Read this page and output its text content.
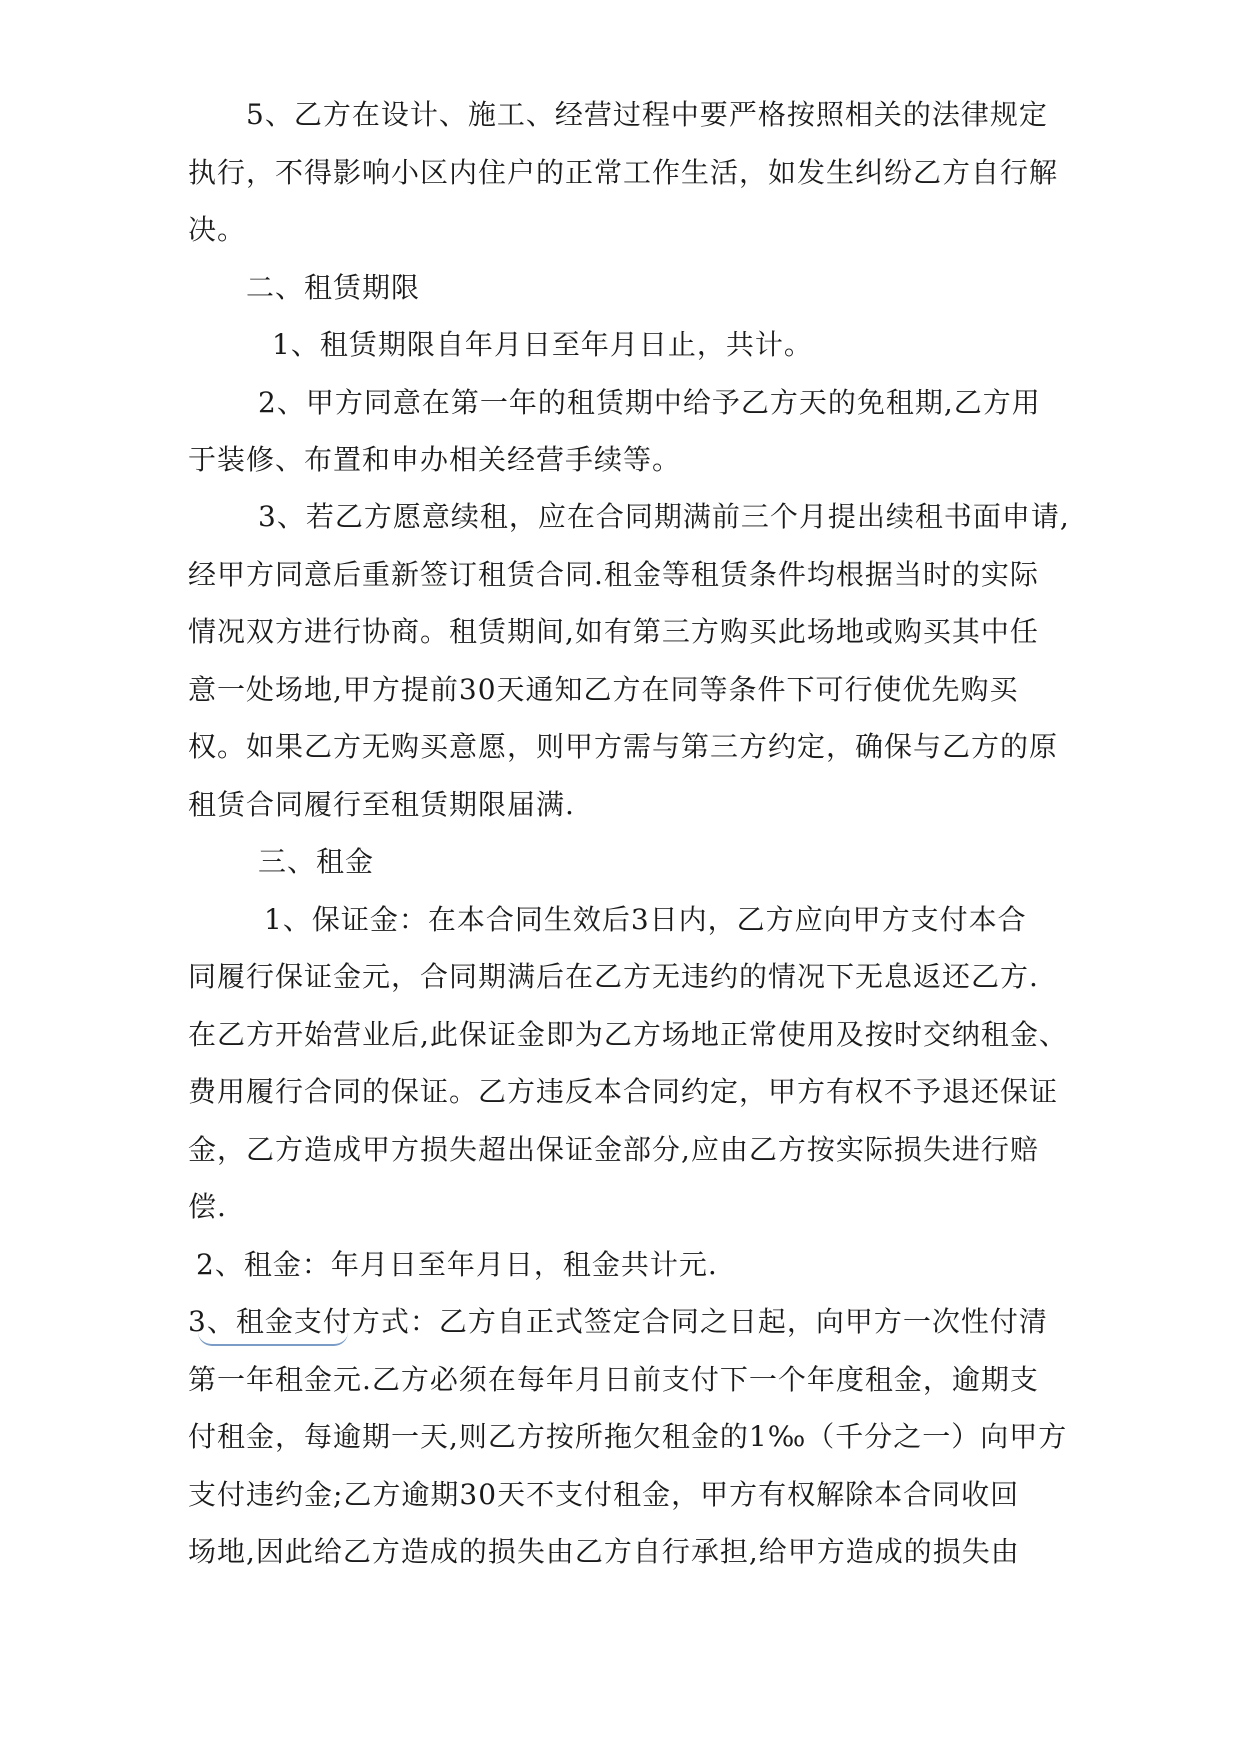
5、乙方在设计、施工、经营过程中要严格按照相关的法律规定
执行，不得影响小区内住户的正常工作生活，如发生纠纷乙方自行解
决。
二、租赁期限
1、租赁期限自年月日至年月日止，共计。
2、甲方同意在第一年的租赁期中给予乙方天的免租期,乙方用
于装修、布置和申办相关经营手续等。
3、若乙方愿意续租，应在合同期满前三个月提出续租书面申请,
经甲方同意后重新签订租赁合同.租金等租赁条件均根据当时的实际
情况双方进行协商。租赁期间,如有第三方购买此场地或购买其中任
意一处场地,甲方提前30天通知乙方在同等条件下可行使优先购买
权。如果乙方无购买意愿，则甲方需与第三方约定，确保与乙方的原
租赁合同履行至租赁期限届满.
三、租金
1、保证金：在本合同生效后3日内，乙方应向甲方支付本合
同履行保证金元，合同期满后在乙方无违约的情况下无息返还乙方.
在乙方开始营业后,此保证金即为乙方场地正常使用及按时交纳租金、
费用履行合同的保证。乙方违反本合同约定，甲方有权不予退还保证
金，乙方造成甲方损失超出保证金部分,应由乙方按实际损失进行赔
偿.
2、租金：年月日至年月日，租金共计元.
3、租金支付方式：乙方自正式签定合同之日起，向甲方一次性付清
第一年租金元.乙方必须在每年月日前支付下一个年度租金，逾期支
付租金，每逾期一天,则乙方按所拖欠租金的1‰（千分之一）向甲方
支付违约金;乙方逾期30天不支付租金，甲方有权解除本合同收回
场地,因此给乙方造成的损失由乙方自行承担,给甲方造成的损失由
